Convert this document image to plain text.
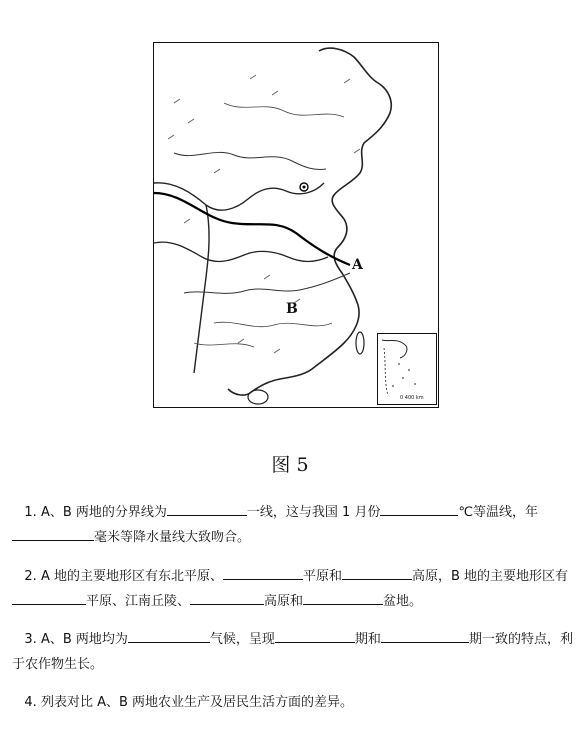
A
B
0 400 km
图 5
1. A、B 两地的分界线为	一线，这与我国 1 月份	℃等温线，年
毫米等降水量线大致吻合。
2. A 地的主要地形区有东北平原、	平原和	高原，B 地的主要地形区有
平原、江南丘陵、	高原和	盆地。
3. A、B 两地均为	气候，呈现	期和	期一致的特点，利于农作物生长。
4. 列表对比 A、B 两地农业生产及居民生活方面的差异。
